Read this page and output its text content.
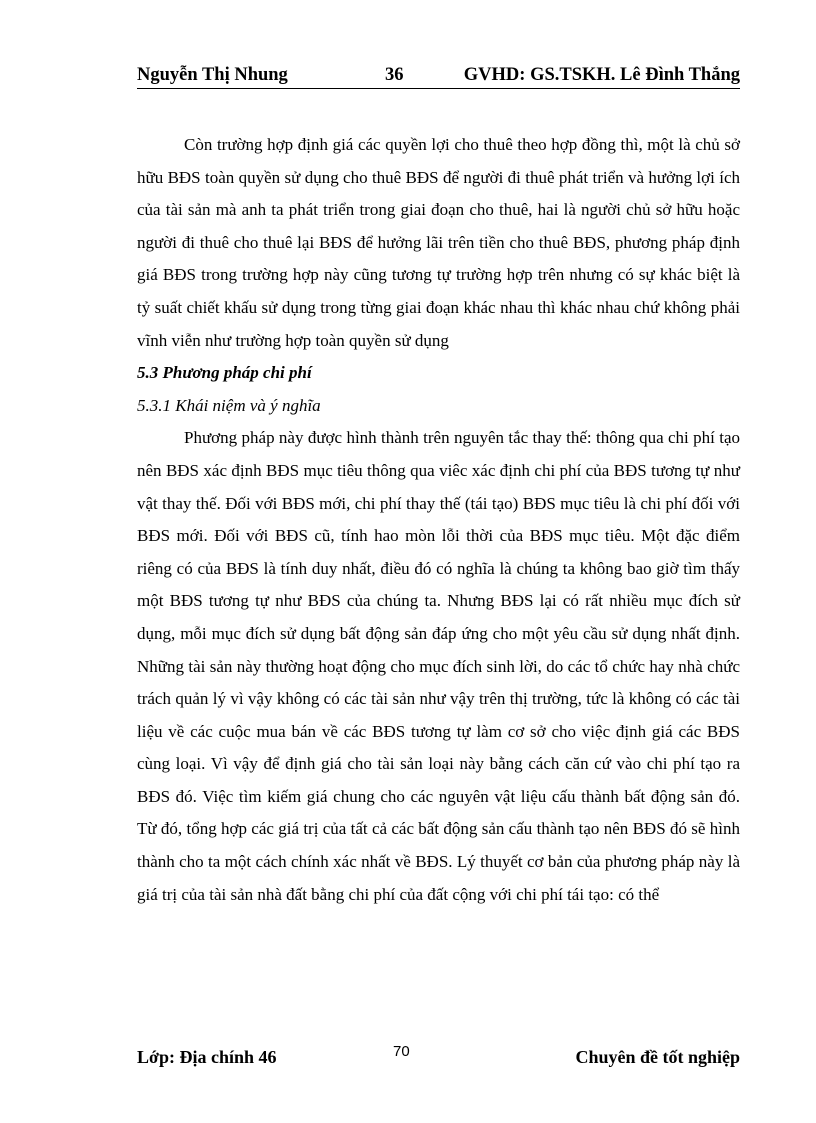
Nguyễn Thị Nhung	36	GVHD: GS.TSKH. Lê Đình Thắng

Còn trường hợp định giá các quyền lợi cho thuê theo hợp đồng thì, một là chủ sở hữu BĐS toàn quyền sử dụng cho thuê BĐS để người đi thuê phát triển và hưởng lợi ích của tài sản mà anh ta phát triển trong giai đoạn cho thuê, hai là người chủ sở hữu hoặc người đi thuê cho thuê lại BĐS để hưởng lãi trên tiền cho thuê BĐS, phương pháp định giá BĐS trong trường hợp này cũng tương tự trường hợp trên nhưng có sự khác biệt là tỷ suất chiết khấu sử dụng trong từng giai đoạn khác nhau thì khác nhau chứ không phải vĩnh viễn như trường hợp toàn quyền sử dụng

5.3 Phương pháp chi phí

5.3.1 Khái niệm và ý nghĩa

Phương pháp này được hình thành trên nguyên tắc thay thế: thông qua chi phí tạo nên BĐS xác định BĐS mục tiêu thông qua viêc xác định chi phí của BĐS tương tự như vật thay thế. Đối với BĐS mới, chi phí thay thế (tái tạo) BĐS mục tiêu là chi phí đối với BĐS mới. Đối với BĐS cũ, tính hao mòn lỗi thời của BĐS mục tiêu. Một đặc điểm riêng có của BĐS là tính duy nhất, điều đó có nghĩa là chúng ta không bao giờ tìm thấy một BĐS tương tự như BĐS của chúng ta. Nhưng BĐS lại có rất nhiều mục đích sử dụng, mỗi mục đích sử dụng bất động sản đáp ứng cho một yêu cầu sử dụng nhất định. Những tài sản này thường hoạt động cho mục đích sinh lời, do các tổ chức hay nhà chức trách quản lý vì vậy không có các tài sản như vậy trên thị trường, tức là không có các tài liệu về các cuộc mua bán về các BĐS tương tự làm cơ sở cho việc định giá các BĐS cùng loại. Vì vậy để định giá cho tài sản loại này bằng cách căn cứ vào chi phí tạo ra BĐS đó. Việc tìm kiếm giá chung cho các nguyên vật liệu cấu thành bất động sản đó. Từ đó, tổng hợp các giá trị của tất cả các bất động sản cấu thành tạo nên BĐS đó sẽ hình thành cho ta một cách chính xác nhất về BĐS. Lý thuyết cơ bản của phương pháp này là giá trị của tài sản nhà đất bằng chi phí của đất cộng với chi phí tái tạo: có thể

Lớp: Địa chính 46	70	Chuyên đề tốt nghiệp
